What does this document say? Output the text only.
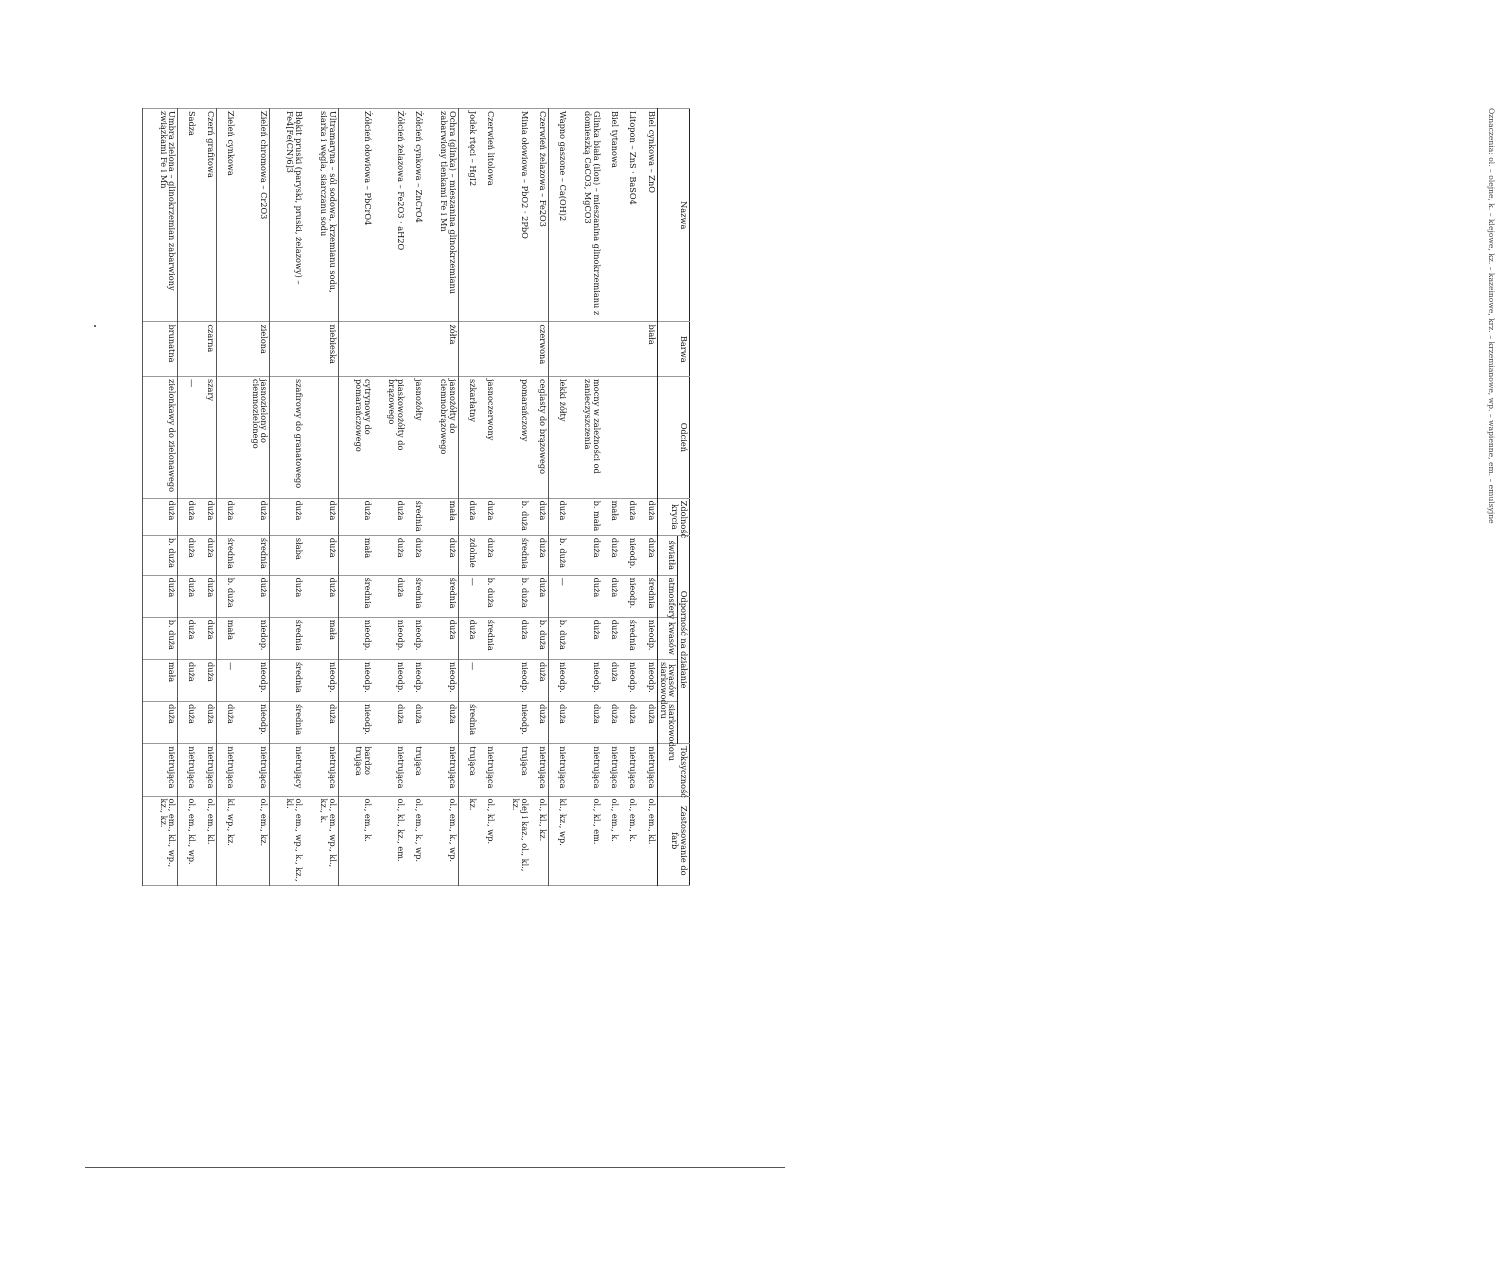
Nazwa	Barwa	Odcień	Zdolność krycia	Odporność na działanie					Toksyczność	Zastosowanie do farb
				światła	atmosfery	kwasów	kwasów siarkowodoru	siarkowodoru		
Biel cynkowa – ZnO	biała		duża	duża	średnia	nieodp.	nieodp.	duża	nietrująca	ol., em., kl.
Litopon – ZnS · BaSO4			duża	nieodp.	nieodp.	średnia	nieodp.	duża	nietrująca	ol., em., k.
Biel tytanowa			mała	duża	duża	duża	duża	duża	nietrująca	ol., em., k.
Glinka biała (ilon) – mieszanina glinokrzemianu z domieszką CaCO3, MgCO3		mocny w zależności od zanieczyszczenia	b. mała	duża	duża	duża	nieodp.	duża	nietrująca	ol., kl., em.
Wapno gaszone – Ca(OH)2		lekki żółty	duża	b. duża	—	b. duża	nieodp.	duża	nietrująca	kl., kz., wp.
Czerwień żelazowa – Fe2O3	czerwona	ceglasty do brązowego	duża	duża	duża	b. duża	duża	duża	nietrująca	ol., kl., kz.
Minia ołowiowa – PbO2 · 2PbO		pomarańczowy	b. duża	średnia	b. duża	duża	nieodp.	nieodp.	trująca	olej i kaz., ol., kl., kz.
Czerwień litolowa		jasnoczerwony	duża	duża	b. duża	średnia			nietrująca	ol., kl., wp.
Jodek rtęci – HgI2		szkarłatny	duża	zdolnie	—	duża	—	średnia	trująca	kz.
Ochra (glinka) – mieszanina glinokrzemianu zabarwiony tlenkami Fe i Mn	żółta	jasnożółty do ciemnobrązowego	mała	duża	średnia	duża	nieodp.	duża	nietrująca	ol., em., k., wp.
Żółcień cynkowa – ZnCrO4		jasnożółty	średnia	duża	średnia	nieodp.	nieodp.	duża	trująca	ol., em., k., wp.
Żółcień żelazowa – Fe2O3 · aH2O		piaskowożółty do brązowego	duża	duża	duża	nieodp.	nieodp.	duża	nietrująca	ol., kl., kz., em.
Żółcień ołowiowa – PbCrO4		cytrynowy do pomarańczowego	duża	mała	średnia	nieodp.	nieodp.	nieodp.	bardzo trująca	ol., em., k.
Ultramaryna – sól sodowa, krzemianu sodu, siarka i węgla, siarczanu sodu	niebieska		duża	duża	duża	mała	nieodp.	duża	nietrująca	ol., em., wp., kl., kz., k.
Błękit pruski (paryski, pruski, żelazowy) – Fe4[Fe(CN)6]3		szafirowy do granatowego	duża	słaba	duża	średnia	średnia	średnia	nietrujący	ol., em., wp., k., kz., kl.
Zieleń chromowa – Cr2O3	zielona	jasnozielony do ciemnozielonego	duża	średnia	duża	niedop.	nieodp.	nieodp.	nietrująca	ol., em., kz.
Zieleń cynkowa			duża	średnia	b. duża	mała	—	duża	nietrująca	kl., wp., kz.
Czerń grafitowa	czarna	szary	duża	duża	duża	duża	duża	duża	nietrująca	ol., em., kl.
Sadza		—	duża	duża	duża	duża	duża	duża	nietrująca	ol., em., kl., wp.
Umbra zielona – glinokrzemian zabarwiony związkami Fe i Mn	brunatna	zielonkawy do zielonawego	duża	b. duża	duża	b. duża	mała	duża	nietrująca	ol., em., kl., wp., kz., kz.
Oznaczenia: ol. – olejne, k. – klejowe, kz. – kazeinowe, krz. – krzemianowe, wp. – wapienne, em. – emulsyjne
